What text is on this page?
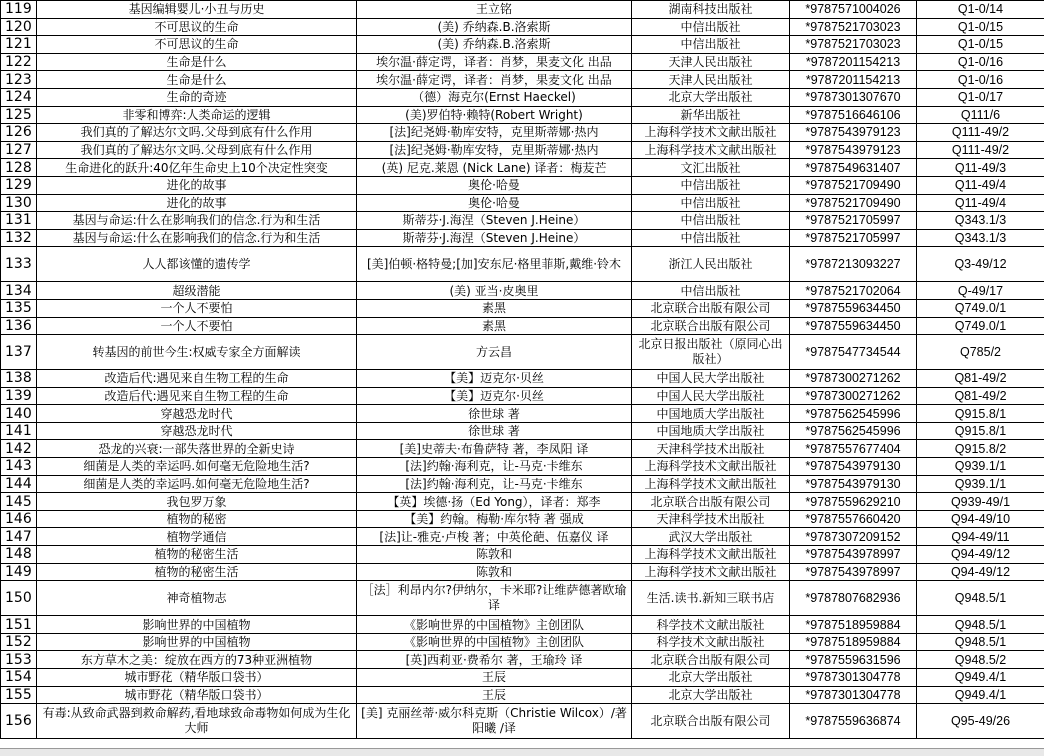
119	基因编辑婴儿·小丑与历史	王立铭	湖南科技出版社	*9787571004026	Q1-0/14
120	不可思议的生命	(美) 乔纳森.B.洛索斯	中信出版社	*9787521703023	Q1-0/15
121	不可思议的生命	(美) 乔纳森.B.洛索斯	中信出版社	*9787521703023	Q1-0/15
122	生命是什么	埃尔温·薛定谔，译者：肖梦，果麦文化 出品	天津人民出版社	*9787201154213	Q1-0/16
123	生命是什么	埃尔温·薛定谔，译者：肖梦，果麦文化 出品	天津人民出版社	*9787201154213	Q1-0/16
124	生命的奇迹	（德）海克尔(Ernst Haeckel)	北京大学出版社	*9787301307670	Q1-0/17
125	非零和博弈:人类命运的逻辑	(美)罗伯特·赖特(Robert Wright)	新华出版社	*9787516646106	Q111/6
126	我们真的了解达尔文吗.父母到底有什么作用	[法]纪尧姆·勒库安特，克里斯蒂娜·热内	上海科学技术文献出版社	*9787543979123	Q111-49/2
127	我们真的了解达尔文吗.父母到底有什么作用	[法]纪尧姆·勒库安特，克里斯蒂娜·热内	上海科学技术文献出版社	*9787543979123	Q111-49/2
128	生命进化的跃升:40亿年生命史上10个决定性突变	(英) 尼克.莱恩 (Nick Lane) 译者：梅苃芒	文汇出版社	*9787549631407	Q11-49/3
129	进化的故事	奥伦·哈曼	中信出版社	*9787521709490	Q11-49/4
130	进化的故事	奥伦·哈曼	中信出版社	*9787521709490	Q11-49/4
131	基因与命运:什么在影响我们的信念.行为和生活	斯蒂芬·J.海涅（Steven J.Heine）	中信出版社	*9787521705997	Q343.1/3
132	基因与命运:什么在影响我们的信念.行为和生活	斯蒂芬·J.海涅（Steven J.Heine）	中信出版社	*9787521705997	Q343.1/3
133	人人都该懂的遗传学	[美]伯顿·格特曼;[加]安东尼·格里菲斯,戴维·铃木	浙江人民出版社	*9787213093227	Q3-49/12
134	超级潜能	(美) 亚当·皮奥里	中信出版社	*9787521702064	Q-49/17
135	一个人不要怕	素黑	北京联合出版有限公司	*9787559634450	Q749.0/1
136	一个人不要怕	素黑	北京联合出版有限公司	*9787559634450	Q749.0/1
137	转基因的前世今生:权威专家全方面解读	方云昌	北京日报出版社（原同心出版社）	*9787547734544	Q785/2
138	改造后代:遇见来自生物工程的生命	【美】迈克尔·贝丝	中国人民大学出版社	*9787300271262	Q81-49/2
139	改造后代:遇见来自生物工程的生命	【美】迈克尔·贝丝	中国人民大学出版社	*9787300271262	Q81-49/2
140	穿越恐龙时代	徐世球 著	中国地质大学出版社	*9787562545996	Q915.8/1
141	穿越恐龙时代	徐世球 著	中国地质大学出版社	*9787562545996	Q915.8/1
142	恐龙的兴衰:一部失落世界的全新史诗	[美]史蒂夫·布鲁萨特 著，李凤阳 译	天津科学技术出版社	*9787557677404	Q915.8/2
143	细菌是人类的幸运吗.如何毫无危险地生活?	[法]约翰·海利克，让-马克·卡维东	上海科学技术文献出版社	*9787543979130	Q939.1/1
144	细菌是人类的幸运吗.如何毫无危险地生活?	[法]约翰·海利克，让-马克·卡维东	上海科学技术文献出版社	*9787543979130	Q939.1/1
145	我包罗万象	【英】埃德·扬（Ed Yong），译者：郑李	北京联合出版有限公司	*9787559629210	Q939-49/1
146	植物的秘密	【美】约翰。梅勒·库尔特 著 强成	天津科学技术出版社	*9787557660420	Q94-49/10
147	植物学通信	[法]让-雅克·卢梭 著；中英伦葩、伍嘉仪 译	武汉大学出版社	*9787307209152	Q94-49/11
148	植物的秘密生活	陈敦和	上海科学技术文献出版社	*9787543978997	Q94-49/12
149	植物的秘密生活	陈敦和	上海科学技术文献出版社	*9787543978997	Q94-49/12
150	神奇植物志	［法］利昂内尔?伊纳尔，卡米耶?让维萨德著欧瑜 译	生活.读书.新知三联书店	*9787807682936	Q948.5/1
151	影响世界的中国植物	《影响世界的中国植物》主创团队	科学技术文献出版社	*9787518959884	Q948.5/1
152	影响世界的中国植物	《影响世界的中国植物》主创团队	科学技术文献出版社	*9787518959884	Q948.5/1
153	东方草木之美：绽放在西方的73种亚洲植物	[英]西莉亚·费希尔 著，王瑜玲 译	北京联合出版有限公司	*9787559631596	Q948.5/2
154	城市野花（精华版口袋书）	王辰	北京大学出版社	*9787301304778	Q949.4/1
155	城市野花（精华版口袋书）	王辰	北京大学出版社	*9787301304778	Q949.4/1
156	有毒:从致命武器到救命解药,看地球致命毒物如何成为生化大师	[美] 克丽丝蒂·威尔科克斯（Christie Wilcox）/著 阳曦 /译	北京联合出版有限公司	*9787559636874	Q95-49/26
